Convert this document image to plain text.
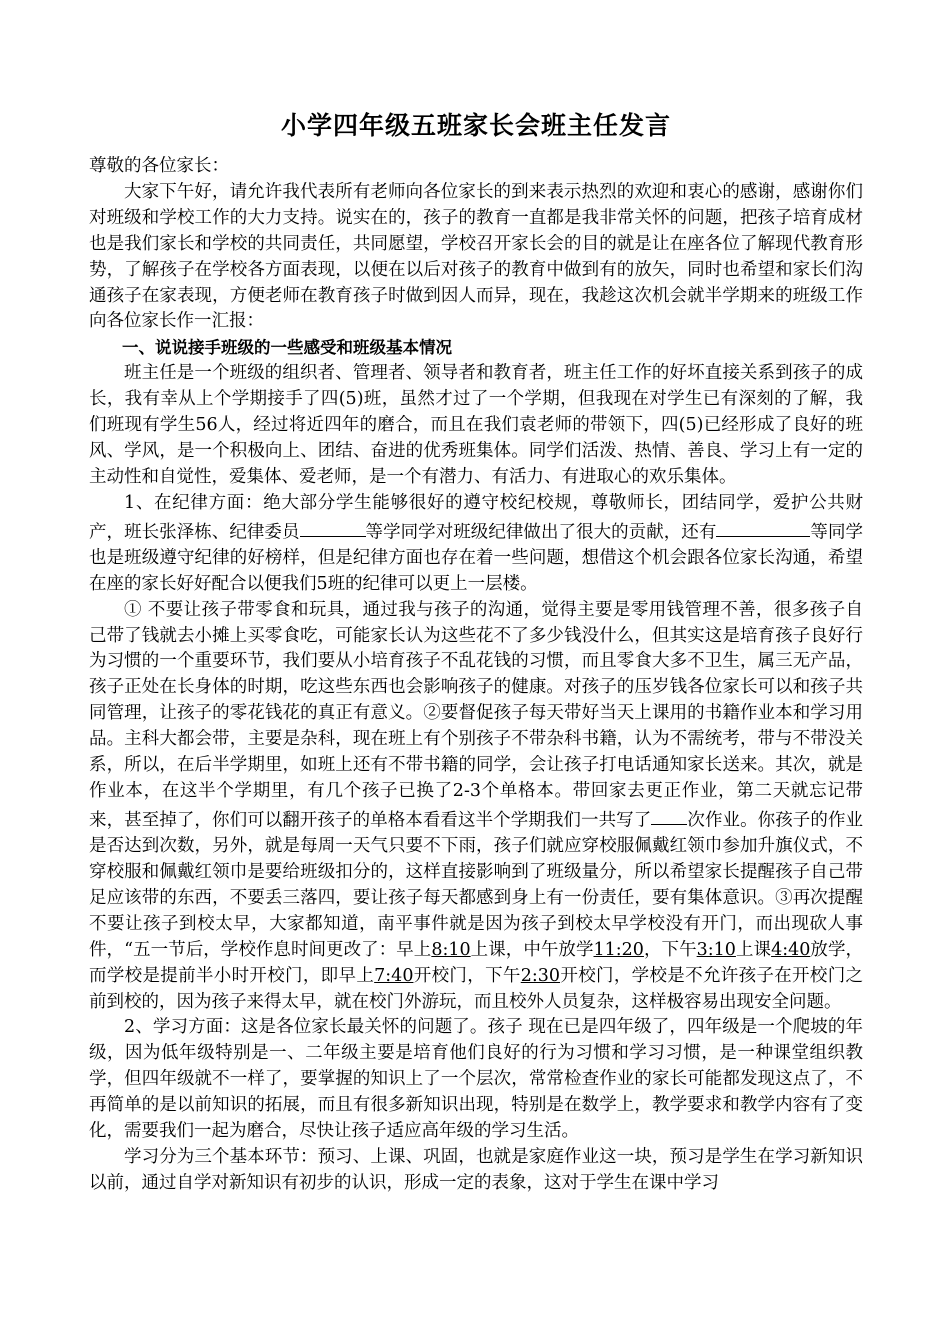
小学四年级五班家长会班主任发言

尊敬的各位家长：

大家下午好，请允许我代表所有老师向各位家长的到来表示热烈的欢迎和衷心的感谢，感谢你们对班级和学校工作的大力支持。说实在的，孩子的教育一直都是我非常关怀的问题，把孩子培育成材也是我们家长和学校的共同责任，共同愿望，学校召开家长会的目的就是让在座各位了解现代教育形势，了解孩子在学校各方面表现，以便在以后对孩子的教育中做到有的放矢，同时也希望和家长们沟通孩子在家表现，方便老师在教育孩子时做到因人而异，现在，我趁这次机会就半学期来的班级工作向各位家长作一汇报：

一、说说接手班级的一些感受和班级基本情况

班主任是一个班级的组织者、管理者、领导者和教育者，班主任工作的好坏直接关系到孩子的成长，我有幸从上个学期接手了四(5)班，虽然才过了一个学期，但我现在对学生已有深刻的了解，我们班现有学生56人，经过将近四年的磨合，而且在我们袁老师的带领下，四(5)已经形成了良好的班风、学风，是一个积极向上、团结、奋进的优秀班集体。同学们活泼、热情、善良、学习上有一定的主动性和自觉性，爱集体、爱老师，是一个有潜力、有活力、有进取心的欢乐集体。

1、在纪律方面：绝大部分学生能够很好的遵守校纪校规，尊敬师长，团结同学，爱护公共财产，班长张泽栋、纪律委员	等学同学对班级纪律做出了很大的贡献，还有	等同学也是班级遵守纪律的好榜样，但是纪律方面也存在着一些问题，想借这个机会跟各位家长沟通，希望在座的家长好好配合以便我们5班的纪律可以更上一层楼。

① 不要让孩子带零食和玩具，通过我与孩子的沟通，觉得主要是零用钱管理不善，很多孩子自己带了钱就去小摊上买零食吃，可能家长认为这些花不了多少钱没什么，但其实这是培育孩子良好行为习惯的一个重要环节，我们要从小培育孩子不乱花钱的习惯，而且零食大多不卫生，属三无产品，孩子正处在长身体的时期，吃这些东西也会影响孩子的健康。对孩子的压岁钱各位家长可以和孩子共同管理，让孩子的零花钱花的真正有意义。②要督促孩子每天带好当天上课用的书籍作业本和学习用品。主科大都会带，主要是杂科，现在班上有个别孩子不带杂科书籍，认为不需统考，带与不带没关系，所以，在后半学期里，如班上还有不带书籍的同学，会让孩子打电话通知家长送来。其次，就是作业本，在这半个学期里，有几个孩子已换了2-3个单格本。带回家去更正作业，第二天就忘记带来，甚至掉了，你们可以翻开孩子的单格本看看这半个学期我们一共写了 次作业。你孩子的作业是否达到次数，另外，就是每周一天气只要不下雨，孩子们就应穿校服佩戴红领巾参加升旗仪式，不穿校服和佩戴红领巾是要给班级扣分的，这样直接影响到了班级量分，所以希望家长提醒孩子自己带足应该带的东西，不要丢三落四，要让孩子每天都感到身上有一份责任，要有集体意识。③再次提醒不要让孩子到校太早，大家都知道，南平事件就是因为孩子到校太早学校没有开门，而出现砍人事件，“五一节后，学校作息时间更改了：早上8:10上课，中午放学11:20，下午3:10上课4:40放学，而学校是提前半小时开校门，即早上7:40开校门，下午2:30开校门，学校是不允许孩子在开校门之前到校的，因为孩子来得太早，就在校门外游玩，而且校外人员复杂，这样极容易出现安全问题。

2、学习方面：这是各位家长最关怀的问题了。孩子 现在已是四年级了，四年级是一个爬坡的年级，因为低年级特别是一、二年级主要是培育他们良好的行为习惯和学习习惯，是一种课堂组织教学，但四年级就不一样了，要掌握的知识上了一个层次，常常检查作业的家长可能都发现这点了，不再简单的是以前知识的拓展，而且有很多新知识出现，特别是在数学上，教学要求和教学内容有了变化，需要我们一起为磨合，尽快让孩子适应高年级的学习生活。

学习分为三个基本环节：预习、上课、巩固，也就是家庭作业这一块，预习是学生在学习新知识以前，通过自学对新知识有初步的认识，形成一定的表象，这对于学生在课中学习
